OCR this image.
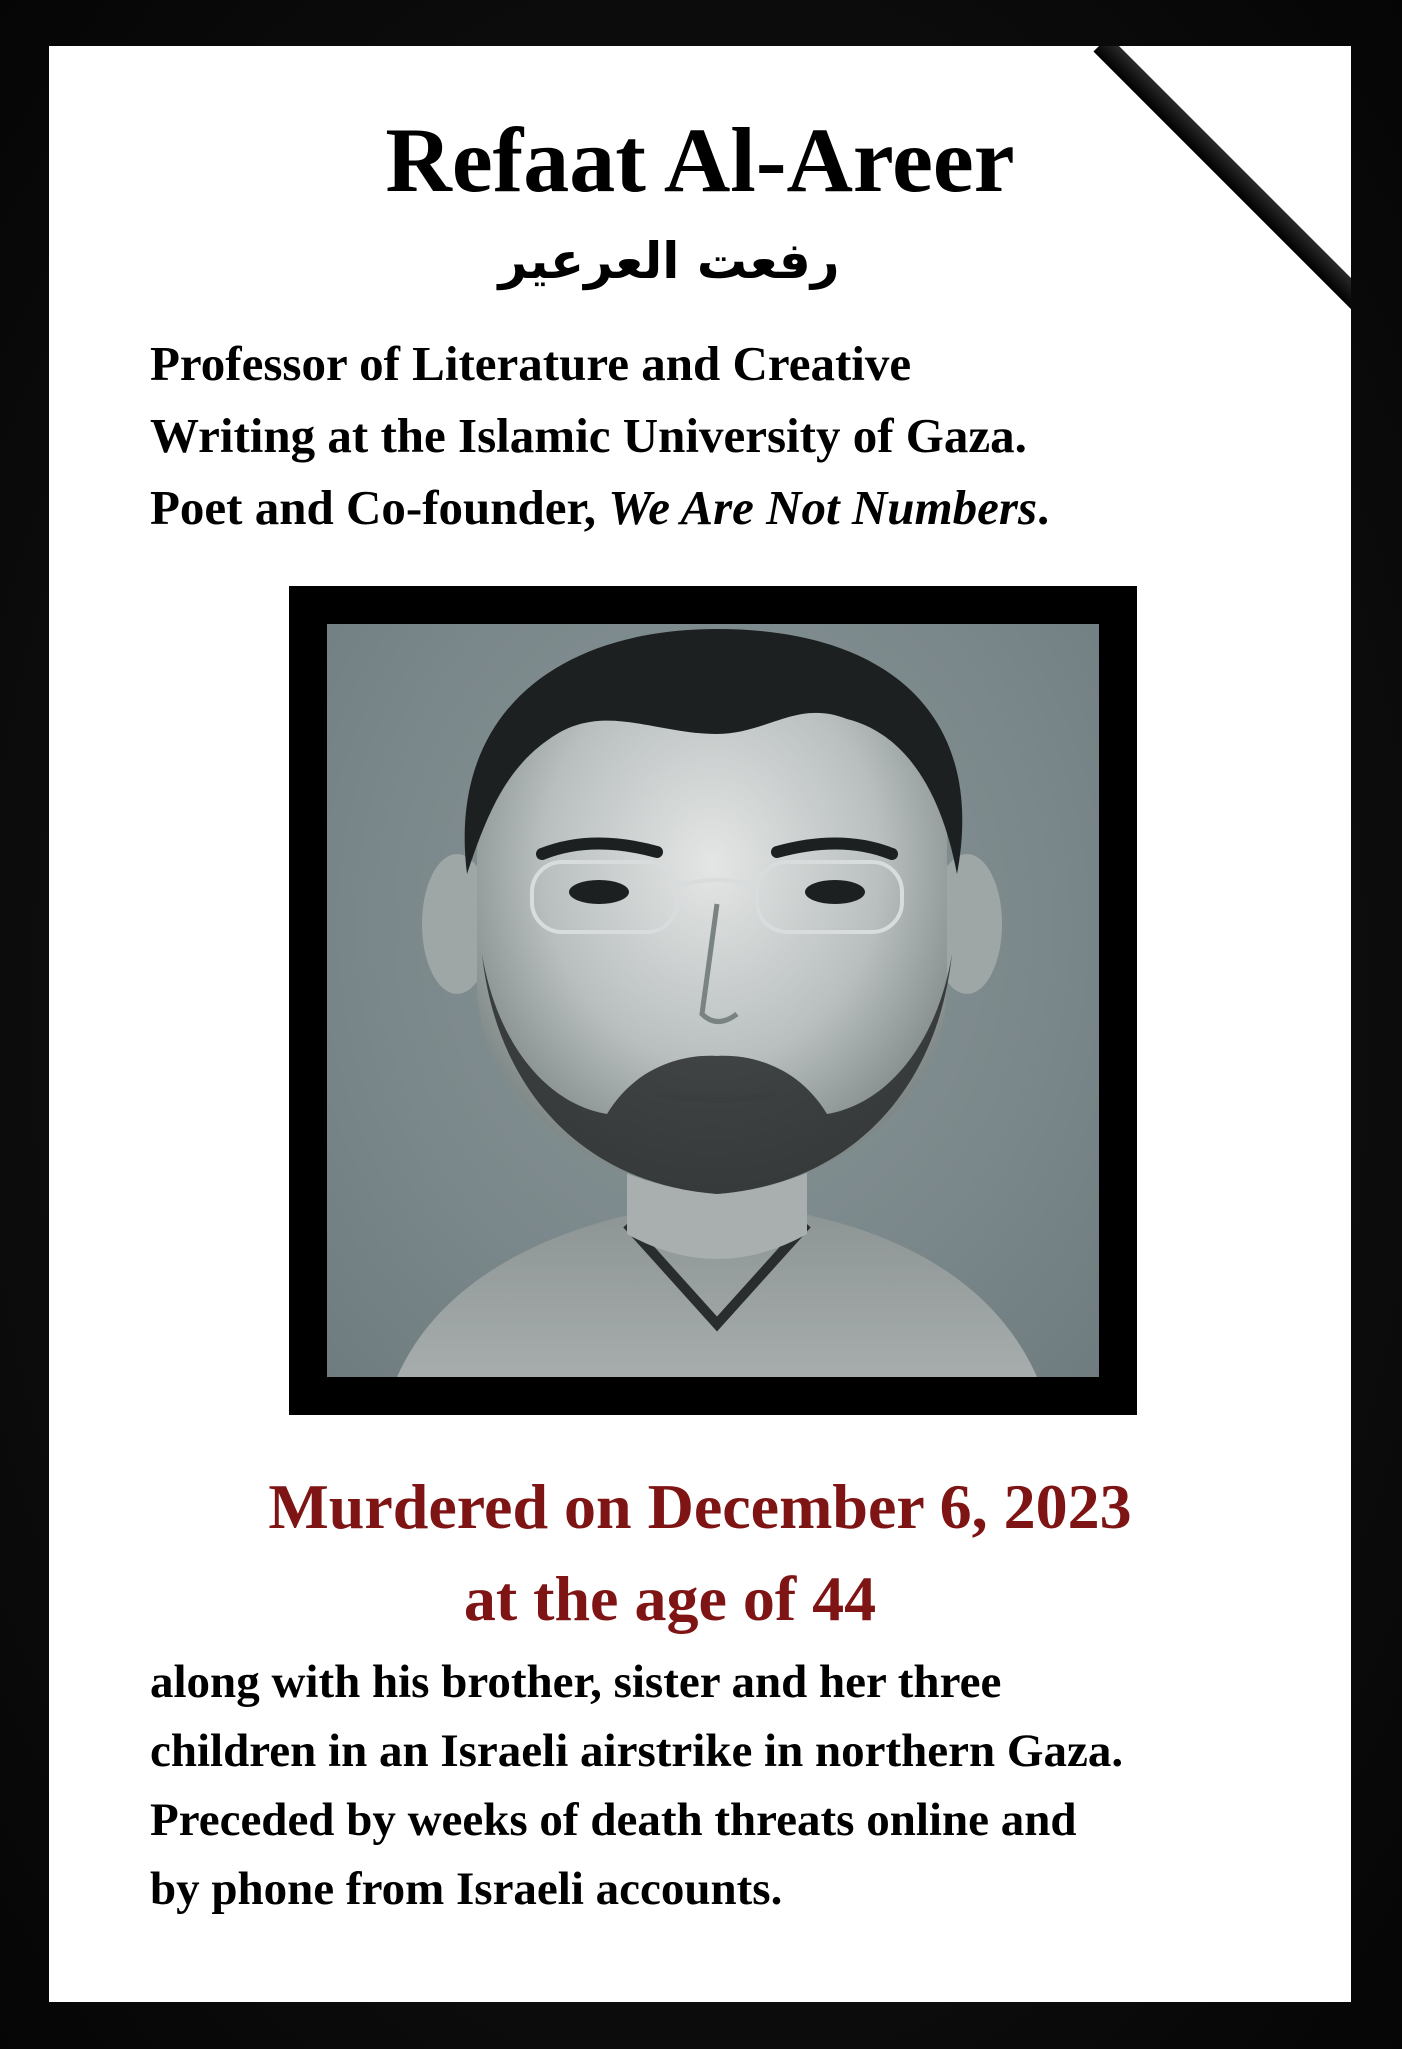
Refaat Al-Areer
رفعت العرعير
Professor of Literature and Creative
Writing at the Islamic University of Gaza.
Poet and Co-founder, We Are Not Numbers.
Murdered on December 6, 2023
at the age of 44
along with his brother, sister and her three
children in an Israeli airstrike in northern Gaza.
Preceded by weeks of death threats online and
by phone from Israeli accounts.
